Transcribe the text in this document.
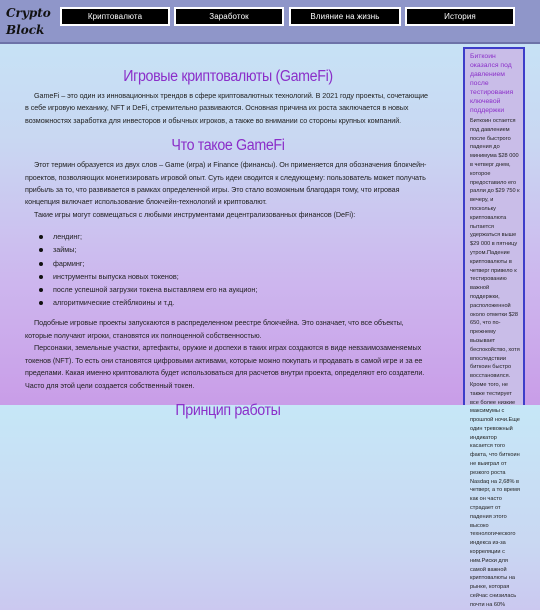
Crypto
Block
Криптовалюта	Заработок	Влияние на жизнь	История
Игровые криптовалюты (GameFi)

GameFi – это один из инновационных трендов в сфере криптовалютных технологий. В 2021 году проекты, сочетающие в себе игровую механику, NFT и DeFi, стремительно развиваются. Основная причина их роста заключается в новых возможностях заработка для инвесторов и обычных игроков, а также во внимании со стороны крупных компаний.

Что такое GameFi

Этот термин образуется из двух слов – Game (игра) и Finance (финансы). Он применяется для обозначения блокчейн-проектов, позволяющих монетизировать игровой опыт. Суть идеи сводится к следующему: пользователь может получать прибыль за то, что развивается в рамках определенной игры. Это стало возможным благодаря тому, что игровая концепция включает использование блокчейн-технологий и криптовалют.

Такие игры могут совмещаться с любыми инструментами децентрализованных финансов (DeFi):

лендинг;
займы;
фарминг;
инструменты выпуска новых токенов;
после успешной загрузки токена выставляем его на аукцион;
алгоритмические стейблкоины и т.д.

Подобные игровые проекты запускаются в распределенном реестре блокчейна. Это означает, что все объекты, которые получают игроки, становятся их полноценной собственностью.

Персонажи, земельные участки, артефакты, оружие и доспехи в таких играх создаются в виде невзаимозаменяемых токенов (NFT). То есть они становятся цифровыми активами, которые можно покупать и продавать в самой игре и за ее пределами. Какая именно криптовалюта будет использоваться для расчетов внутри проекта, определяют его создатели. Часто для этой цели создается собственный токен.

Принцип работы
Биткоин оказался под давлением после тестирования ключевой поддержки
Биткоин остается под давлением после быстрого падения до минимума $28 000 в четверг днем, которое предоставило его ралли до $29 750 к вечеру, и поскольку криптовалюта пытается удержаться выше $29 000 в пятницу утром.Падение криптовалюты в четверг привело к тестированию важной поддержки, расположенной около отметки $28 650, что по-прежнему вызывает беспокойство, хотя впоследствии биткоин быстро восстановился. Кроме того, не также тестирует все более низкие максимумы с прошлой ночи.Еще один тревожный индикатор касается того факта, что биткоин не выиграл от резкого роста Nasdaq на 2,68% в четверг, а то время как он часто страдает от падения этого высоко технологического индекса из-за корреляции с ним.Риски для самой важной криптовалюты на рынке, которая сейчас снизилась почти на 60%
